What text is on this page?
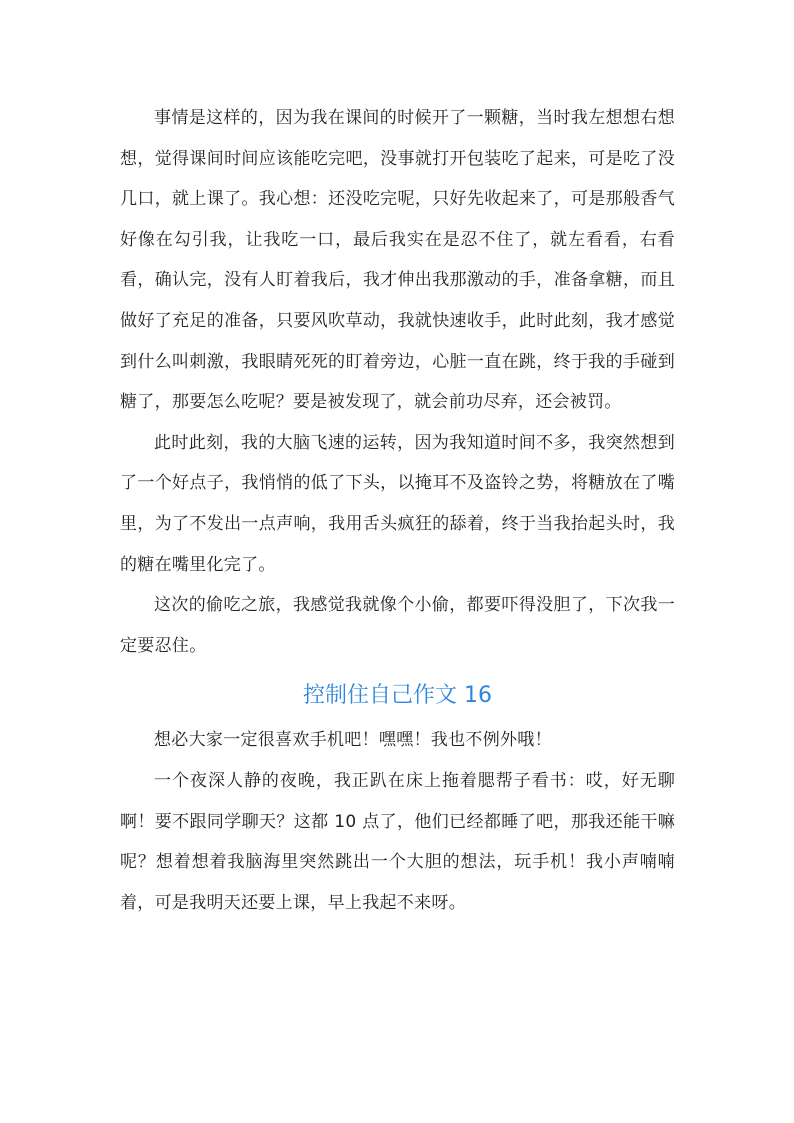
事情是这样的，因为我在课间的时候开了一颗糖，当时我左想想右想想，觉得课间时间应该能吃完吧，没事就打开包装吃了起来，可是吃了没几口，就上课了。我心想：还没吃完呢，只好先收起来了，可是那般香气好像在勾引我，让我吃一口，最后我实在是忍不住了，就左看看，右看看，确认完，没有人盯着我后，我才伸出我那激动的手，准备拿糖，而且做好了充足的准备，只要风吹草动，我就快速收手，此时此刻，我才感觉到什么叫刺激，我眼睛死死的盯着旁边，心脏一直在跳，终于我的手碰到糖了，那要怎么吃呢？要是被发现了，就会前功尽弃，还会被罚。

此时此刻，我的大脑飞速的运转，因为我知道时间不多，我突然想到了一个好点子，我悄悄的低了下头，以掩耳不及盗铃之势，将糖放在了嘴里，为了不发出一点声响，我用舌头疯狂的舔着，终于当我抬起头时，我的糖在嘴里化完了。

这次的偷吃之旅，我感觉我就像个小偷，都要吓得没胆了，下次我一定要忍住。

控制住自己作文 16

想必大家一定很喜欢手机吧！嘿嘿！我也不例外哦！

一个夜深人静的夜晚，我正趴在床上拖着腮帮子看书：哎，好无聊啊！要不跟同学聊天？这都 10 点了，他们已经都睡了吧，那我还能干嘛呢？想着想着我脑海里突然跳出一个大胆的想法，玩手机！我小声喃喃着，可是我明天还要上课，早上我起不来呀。
